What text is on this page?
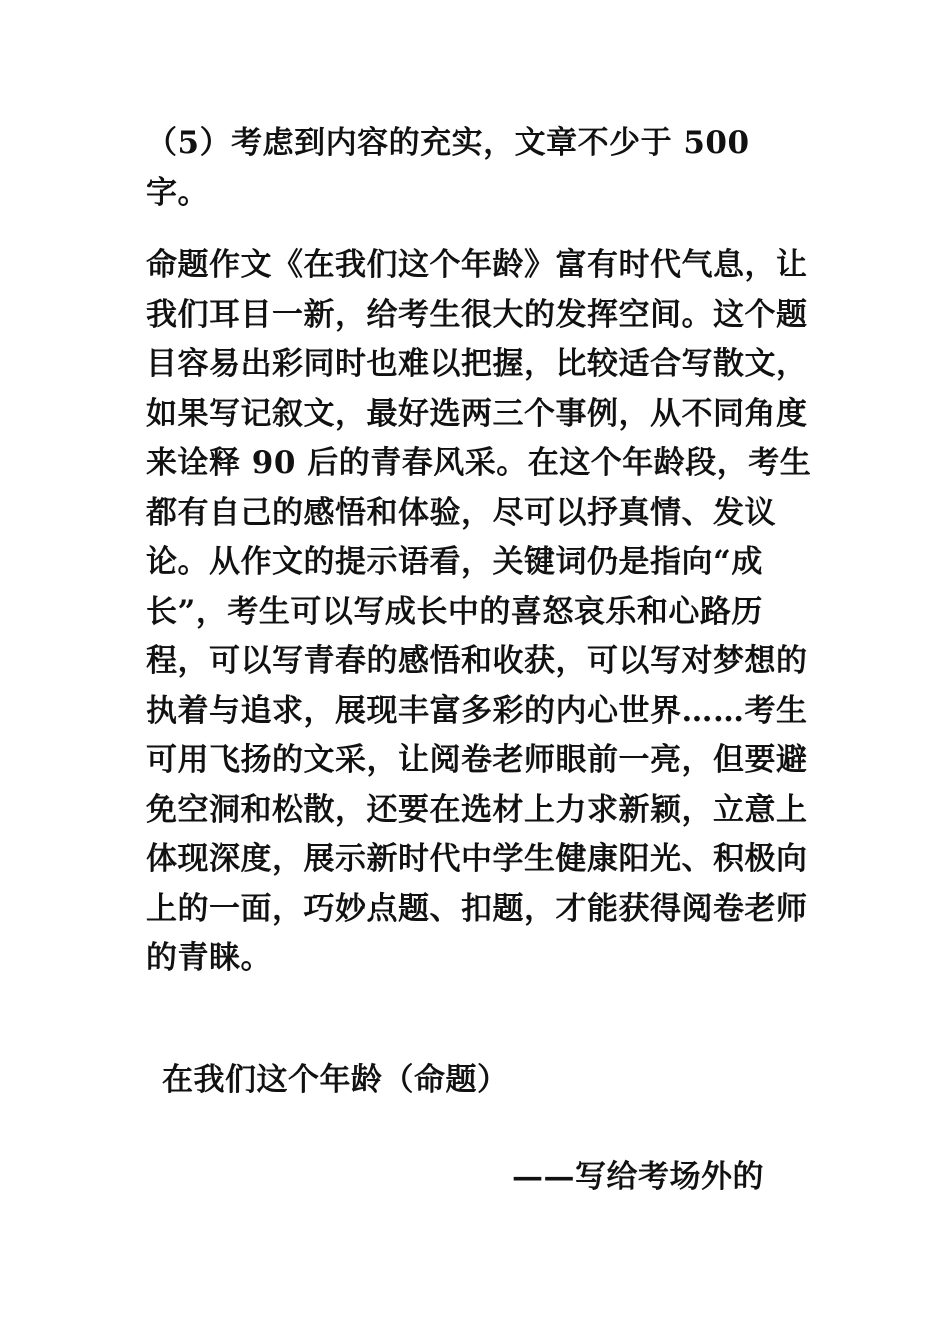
（5）考虑到内容的充实，文章不少于 500 字。

命题作文《在我们这个年龄》富有时代气息，让我们耳目一新，给考生很大的发挥空间。这个题目容易出彩同时也难以把握，比较适合写散文，如果写记叙文，最好选两三个事例，从不同角度来诠释 90 后的青春风采。在这个年龄段，考生都有自己的感悟和体验，尽可以抒真情、发议论。从作文的提示语看，关键词仍是指向“成长”，考生可以写成长中的喜怒哀乐和心路历程，可以写青春的感悟和收获，可以写对梦想的执着与追求，展现丰富多彩的内心世界……考生可用飞扬的文采，让阅卷老师眼前一亮，但要避免空洞和松散，还要在选材上力求新颖，立意上体现深度，展示新时代中学生健康阳光、积极向上的一面，巧妙点题、扣题，才能获得阅卷老师的青睐。

在我们这个年龄（命题）

——写给考场外的
